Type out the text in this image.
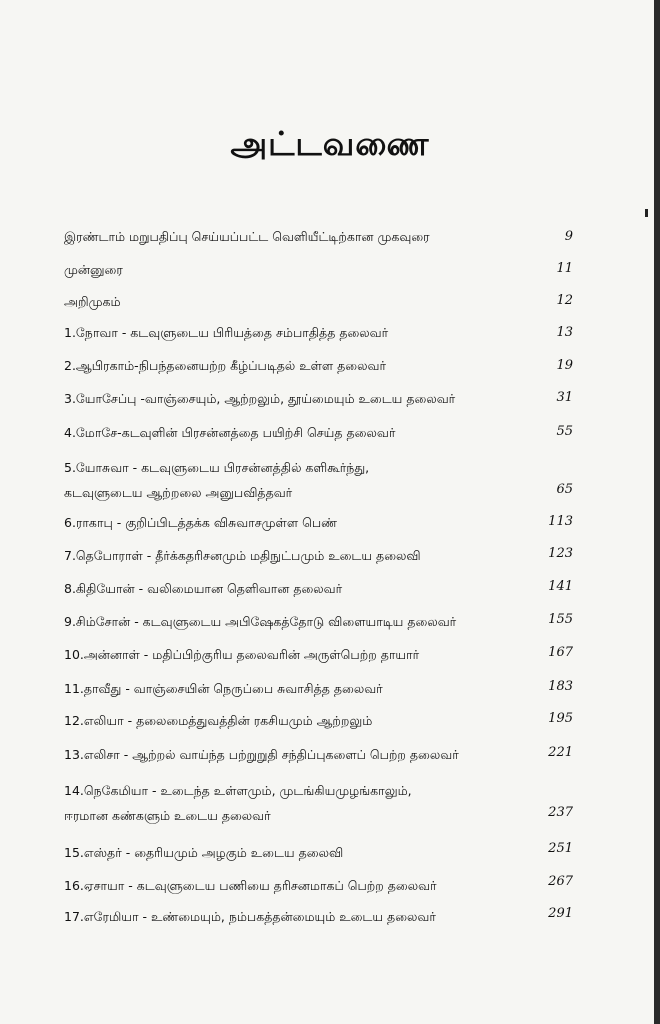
அட்டவணை
இரண்டாம் மறுபதிப்பு செய்யப்பட்ட வெளியீட்டிற்கான முகவுரை	9
முன்னுரை	11
அறிமுகம்	12
1.நோவா - கடவுளுடைய பிரியத்தை சம்பாதித்த தலைவர்	13
2.ஆபிரகாம்-நிபந்தனையற்ற கீழ்ப்படிதல் உள்ள தலைவர்	19
3.யோசேப்பு -வாஞ்சையும், ஆற்றலும், தூய்மையும் உடைய தலைவர்	31
4.மோசே-கடவுளின் பிரசன்னத்தை பயிற்சி செய்த தலைவர்	55
5.யோசுவா - கடவுளுடைய பிரசன்னத்தில் களிகூர்ந்து,
கடவுளுடைய ஆற்றலை அனுபவித்தவர்	65
6.ராகாபு - குறிப்பிடத்தக்க விசுவாசமுள்ள பெண்	113
7.தெபோராள் - தீர்க்கதரிசனமும் மதிநுட்பமும் உடைய தலைவி	123
8.கிதியோன் - வலிமையான தெளிவான தலைவர்	141
9.சிம்சோன் - கடவுளுடைய அபிஷேகத்தோடு விளையாடிய தலைவர்	155
10.அன்னாள் - மதிப்பிற்குரிய தலைவரின் அருள்பெற்ற தாயார்	167
11.தாவீது - வாஞ்சையின் நெருப்பை சுவாசித்த தலைவர்	183
12.எலியா - தலைமைத்துவத்தின் ரகசியமும் ஆற்றலும்	195
13.எலிசா - ஆற்றல் வாய்ந்த பற்றுறுதி சந்திப்புகளைப் பெற்ற தலைவர்	221
14.நெகேமியா - உடைந்த உள்ளமும், முடங்கியமுழங்காலும்,
ஈரமான கண்களும் உடைய தலைவர்	237
15.எஸ்தர் - தைரியமும் அழகும் உடைய தலைவி	251
16.ஏசாயா - கடவுளுடைய பணியை தரிசனமாகப் பெற்ற தலைவர்	267
17.எரேமியா - உண்மையும், நம்பகத்தன்மையும் உடைய தலைவர்	291
